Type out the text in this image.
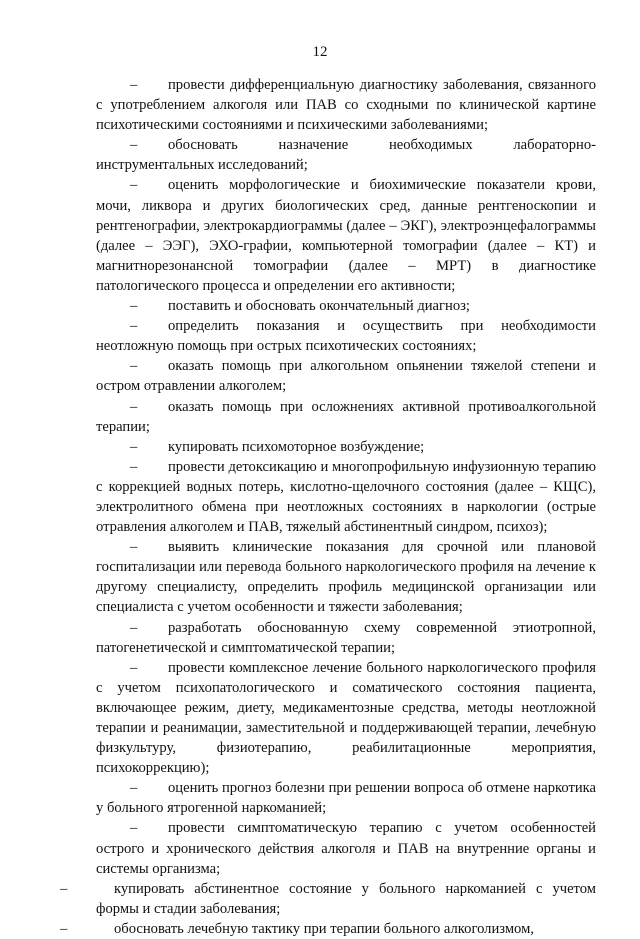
12

– провести дифференциальную диагностику заболевания, связанного с употреблением алкоголя или ПАВ со сходными по клинической картине психотическими состояниями и психическими заболеваниями;

– обосновать назначение необходимых лабораторно-инструментальных исследований;

– оценить морфологические и биохимические показатели крови, мочи, ликвора и других биологических сред, данные рентгеноскопии и рентгенографии, электрокардиограммы (далее – ЭКГ), электроэнцефалограммы (далее – ЭЭГ), ЭХО-графии, компьютерной томографии (далее – КТ) и магнитнорезонансной томографии (далее – МРТ) в диагностике патологического процесса и определении его активности;

– поставить и обосновать окончательный диагноз;

– определить показания и осуществить при необходимости неотложную помощь при острых психотических состояниях;

– оказать помощь при алкогольном опьянении тяжелой степени и остром отравлении алкоголем;

– оказать помощь при осложнениях активной противоалкогольной терапии;

– купировать психомоторное возбуждение;

– провести детоксикацию и многопрофильную инфузионную терапию с коррекцией водных потерь, кислотно-щелочного состояния (далее – КЩС), электролитного обмена при неотложных состояниях в наркологии (острые отравления алкоголем и ПАВ, тяжелый абстинентный синдром, психоз);

– выявить клинические показания для срочной или плановой госпитализации или перевода больного наркологического профиля на лечение к другому специалисту, определить профиль медицинской организации или специалиста с учетом особенности и тяжести заболевания;

– разработать обоснованную схему современной этиотропной, патогенетической и симптоматической терапии;

– провести комплексное лечение больного наркологического профиля с учетом психопатологического и соматического состояния пациента, включающее режим, диету, медикаментозные средства, методы неотложной терапии и реанимации, заместительной и поддерживающей терапии, лечебную физкультуру, физиотерапию, реабилитационные мероприятия, психокоррекцию);

– оценить прогноз болезни при решении вопроса об отмене наркотика у больного ятрогенной наркоманией;

– провести симптоматическую терапию с учетом особенностей острого и хронического действия алкоголя и ПАВ на внутренние органы и системы организма;

–	купировать абстинентное состояние у больного наркоманией с учетом формы и стадии заболевания;

–	обосновать лечебную тактику при терапии больного алкоголизмом,
